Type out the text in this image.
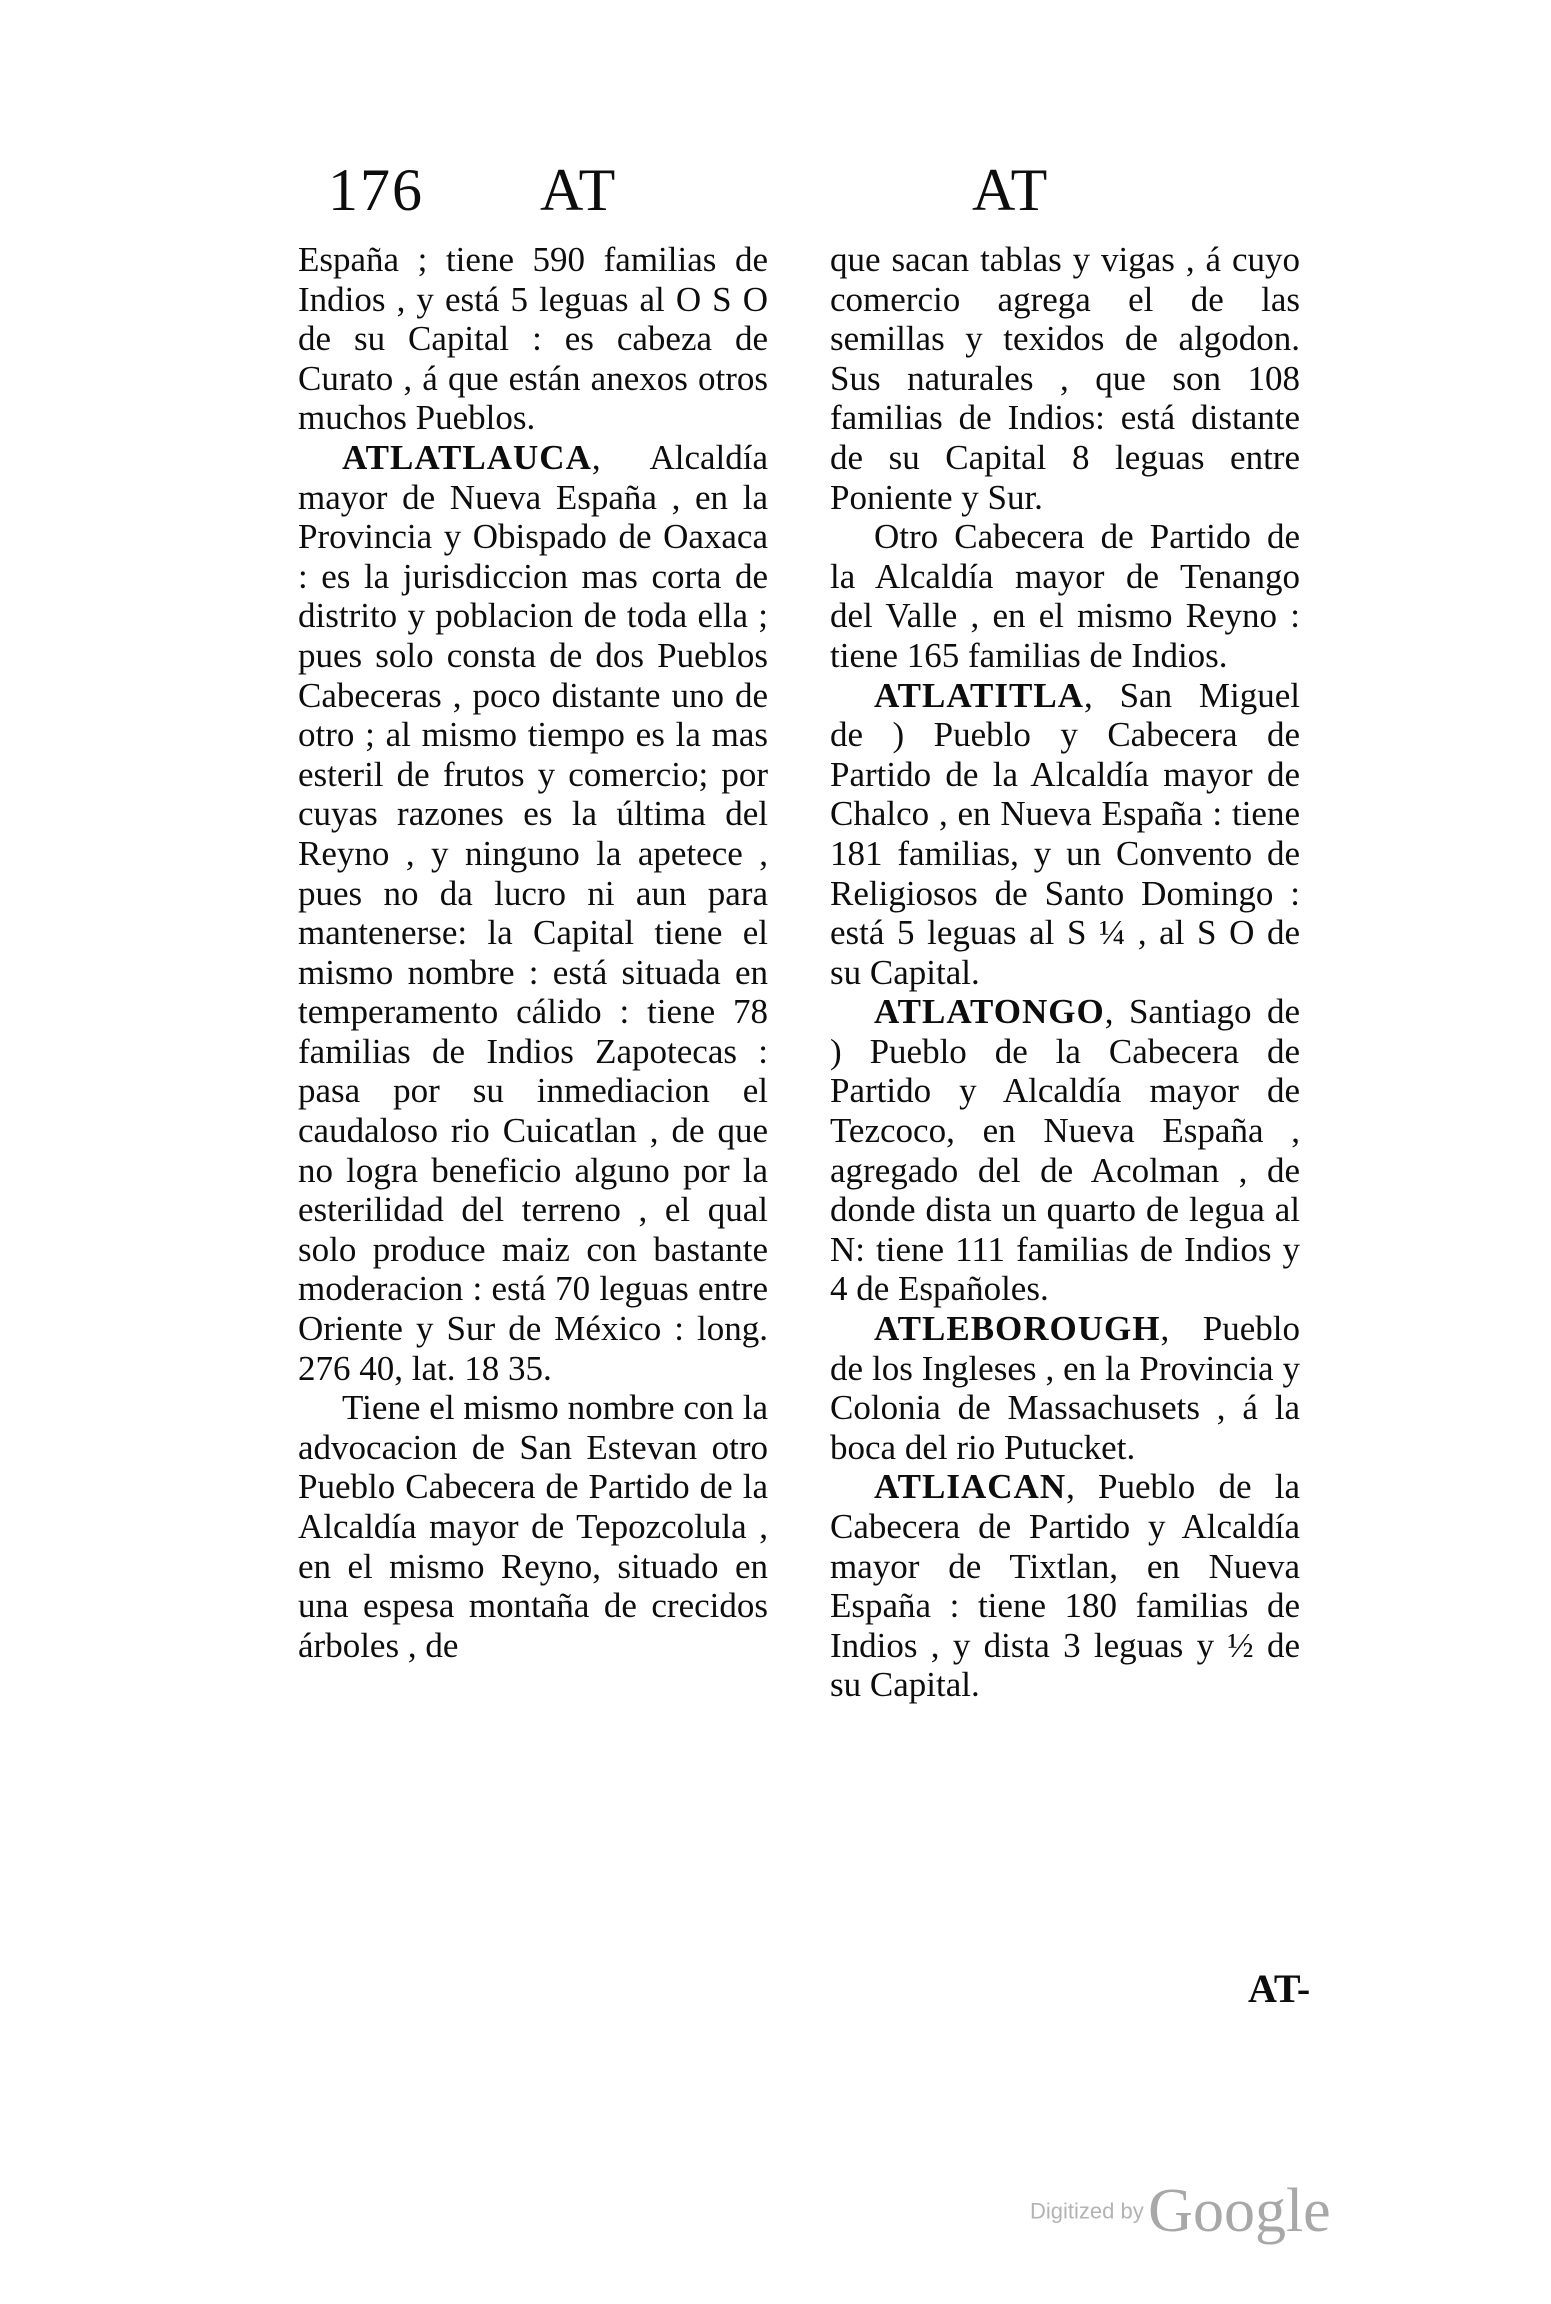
176 AT	AT

España ; tiene 590 familias de Indios , y está 5 leguas al O S O de su Capital : es cabeza de Curato , á que están anexos otros muchos Pueblos.

ATLATLAUCA, Alcaldía mayor de Nueva España , en la Provincia y Obispado de Oaxaca : es la jurisdiccion mas corta de distrito y poblacion de toda ella ; pues solo consta de dos Pueblos Cabeceras , poco distante uno de otro ; al mismo tiempo es la mas esteril de frutos y comercio; por cuyas razones es la última del Reyno , y ninguno la apetece , pues no da lucro ni aun para mantenerse: la Capital tiene el mismo nombre : está situada en temperamento cálido : tiene 78 familias de Indios Zapotecas : pasa por su inmediacion el caudaloso rio Cuicatlan , de que no logra beneficio alguno por la esterilidad del terreno , el qual solo produce maiz con bastante moderacion : está 70 leguas entre Oriente y Sur de México : long. 276 40, lat. 18 35.

Tiene el mismo nombre con la advocacion de San Estevan otro Pueblo Cabecera de Partido de la Alcaldía mayor de Tepozcolula , en el mismo Reyno, situado en una espesa montaña de crecidos árboles , de

que sacan tablas y vigas , á cuyo comercio agrega el de las semillas y texidos de algodon. Sus naturales , que son 108 familias de Indios: está distante de su Capital 8 leguas entre Poniente y Sur.

Otro Cabecera de Partido de la Alcaldía mayor de Tenango del Valle , en el mismo Reyno : tiene 165 familias de Indios.

ATLATITLA, San Miguel de ) Pueblo y Cabecera de Partido de la Alcaldía mayor de Chalco , en Nueva España : tiene 181 familias, y un Convento de Religiosos de Santo Domingo : está 5 leguas al S ¼ , al S O de su Capital.

ATLATONGO, Santiago de ) Pueblo de la Cabecera de Partido y Alcaldía mayor de Tezcoco, en Nueva España , agregado del de Acolman , de donde dista un quarto de legua al N: tiene 111 familias de Indios y 4 de Españoles.

ATLEBOROUGH, Pueblo de los Ingleses , en la Provincia y Colonia de Massachusets , á la boca del rio Putucket.

ATLIACAN, Pueblo de la Cabecera de Partido y Alcaldía mayor de Tixtlan, en Nueva España : tiene 180 familias de Indios , y dista 3 leguas y ½ de su Capital.

AT-
Digitized by Google
